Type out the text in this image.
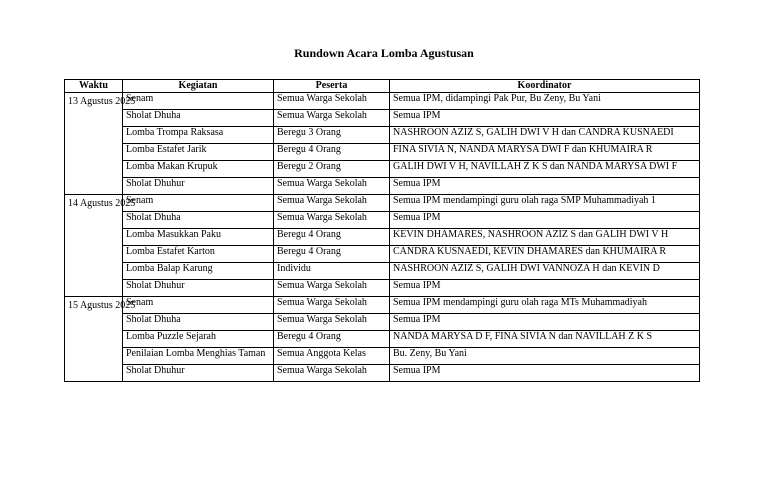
Rundown Acara Lomba Agustusan
Waktu	Kegiatan	Peserta	Koordinator
13 Agustus 2025	Senam	Semua Warga Sekolah	Semua IPM, didampingi Pak Pur, Bu Zeny, Bu Yani
	Sholat Dhuha	Semua Warga Sekolah	Semua IPM
	Lomba Trompa Raksasa	Beregu 3 Orang	NASHROON AZIZ S, GALIH DWI V H dan CANDRA KUSNAEDI
	Lomba Estafet Jarik	Beregu 4 Orang	FINA SIVIA N, NANDA MARYSA DWI F dan KHUMAIRA R
	Lomba Makan Krupuk	Beregu 2 Orang	GALIH DWI V H, NAVILLAH Z K S dan NANDA MARYSA DWI F
	Sholat Dhuhur	Semua Warga Sekolah	Semua IPM
14 Agustus 2025	Senam	Semua Warga Sekolah	Semua IPM mendampingi guru olah raga SMP Muhammadiyah 1
	Sholat Dhuha	Semua Warga Sekolah	Semua IPM
	Lomba Masukkan Paku	Beregu 4 Orang	KEVIN DHAMARES, NASHROON AZIZ S dan GALIH DWI V H
	Lomba Estafet Karton	Beregu 4 Orang	CANDRA KUSNAEDI, KEVIN DHAMARES dan KHUMAIRA R
	Lomba Balap Karung	Individu	NASHROON AZIZ S, GALIH DWI VANNOZA H dan KEVIN D
	Sholat Dhuhur	Semua Warga Sekolah	Semua IPM
15 Agustus 2025	Senam	Semua Warga Sekolah	Semua IPM mendampingi guru olah raga MTs Muhammadiyah
	Sholat Dhuha	Semua Warga Sekolah	Semua IPM
	Lomba Puzzle Sejarah	Beregu 4 Orang	NANDA MARYSA D F, FINA SIVIA N dan NAVILLAH Z K S
	Penilaian Lomba Menghias Taman	Semua Anggota Kelas	Bu. Zeny, Bu Yani
	Sholat Dhuhur	Semua Warga Sekolah	Semua IPM
